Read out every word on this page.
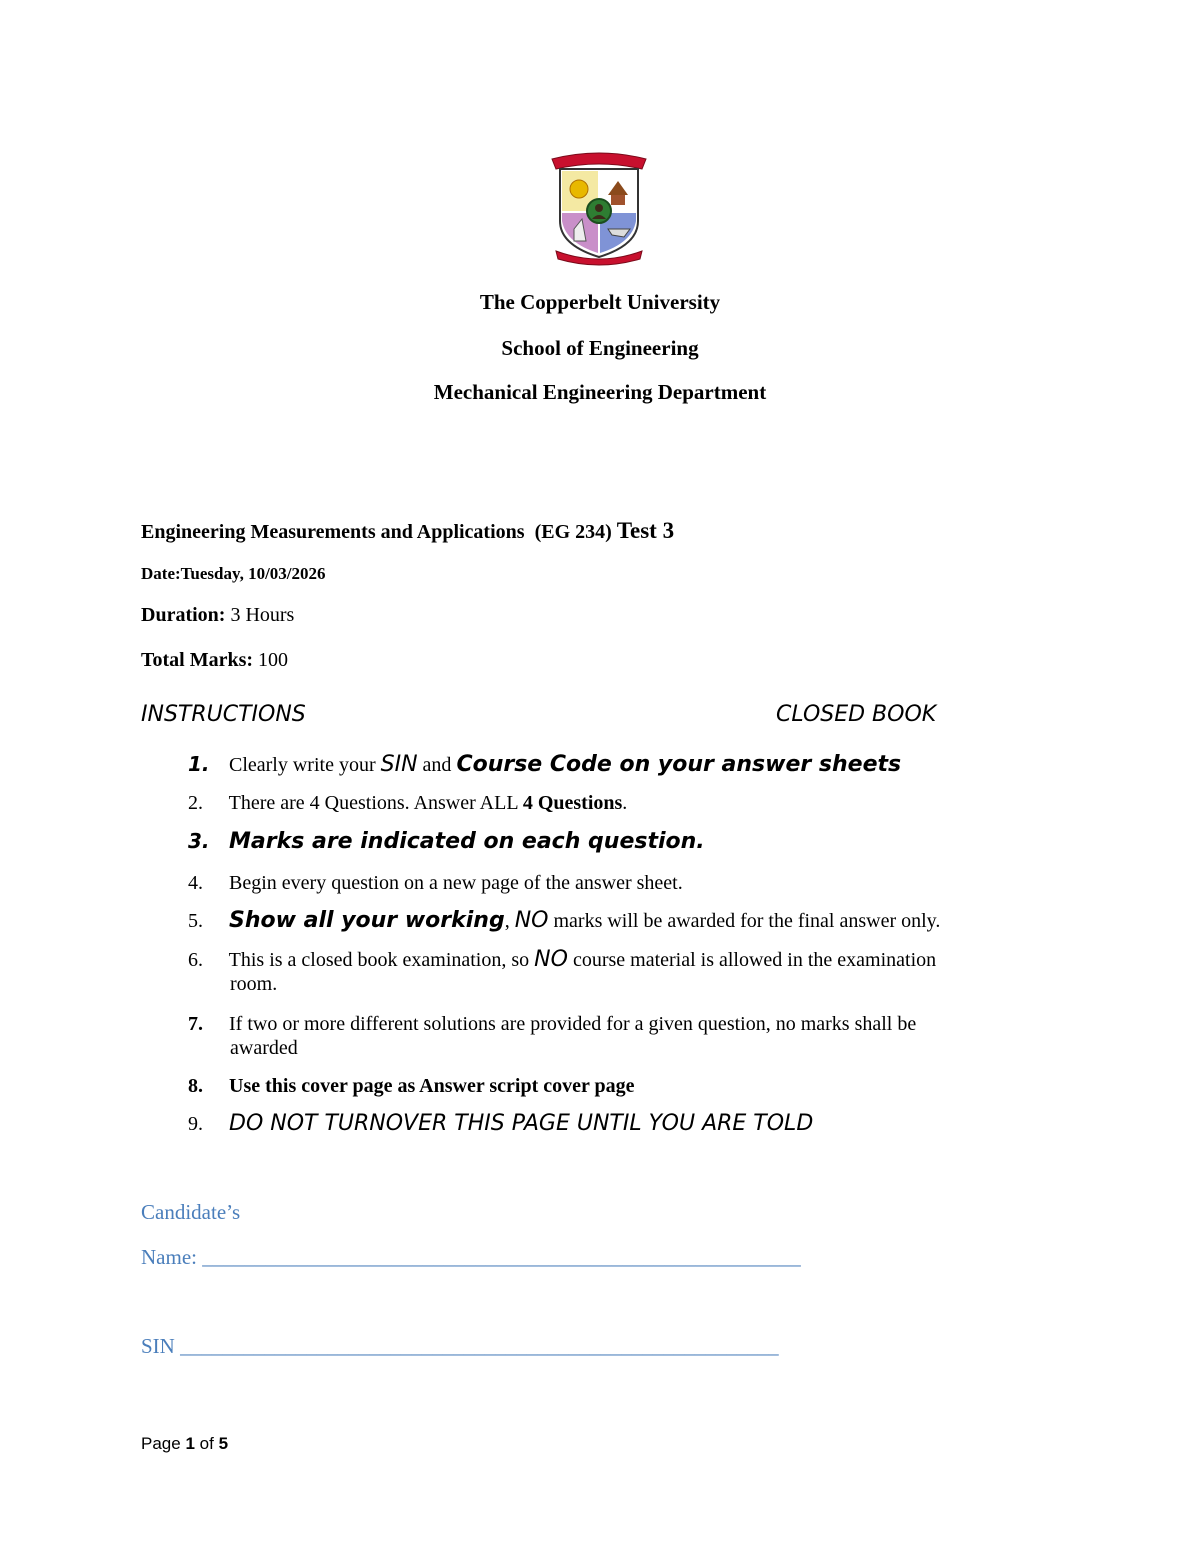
The Copperbelt University
School of Engineering
Mechanical Engineering Department
Engineering Measurements and Applications (EG 234) Test 3
Date:Tuesday, 10/03/2026
Duration: 3 Hours
Total Marks: 100
INSTRUCTIONS	CLOSED BOOK
1. Clearly write your SIN and Course Code on your answer sheets
2. There are 4 Questions. Answer ALL 4 Questions.
3. Marks are indicated on each question.
4. Begin every question on a new page of the answer sheet.
5. Show all your working, NO marks will be awarded for the final answer only.
6. This is a closed book examination, so NO course material is allowed in the examination
room.
7. If two or more different solutions are provided for a given question, no marks shall be
awarded
8. Use this cover page as Answer script cover page
9. DO NOT TURNOVER THIS PAGE UNTIL YOU ARE TOLD
Candidate’s
Name: _________________________________________________________
SIN _________________________________________________________
Page 1 of 5
